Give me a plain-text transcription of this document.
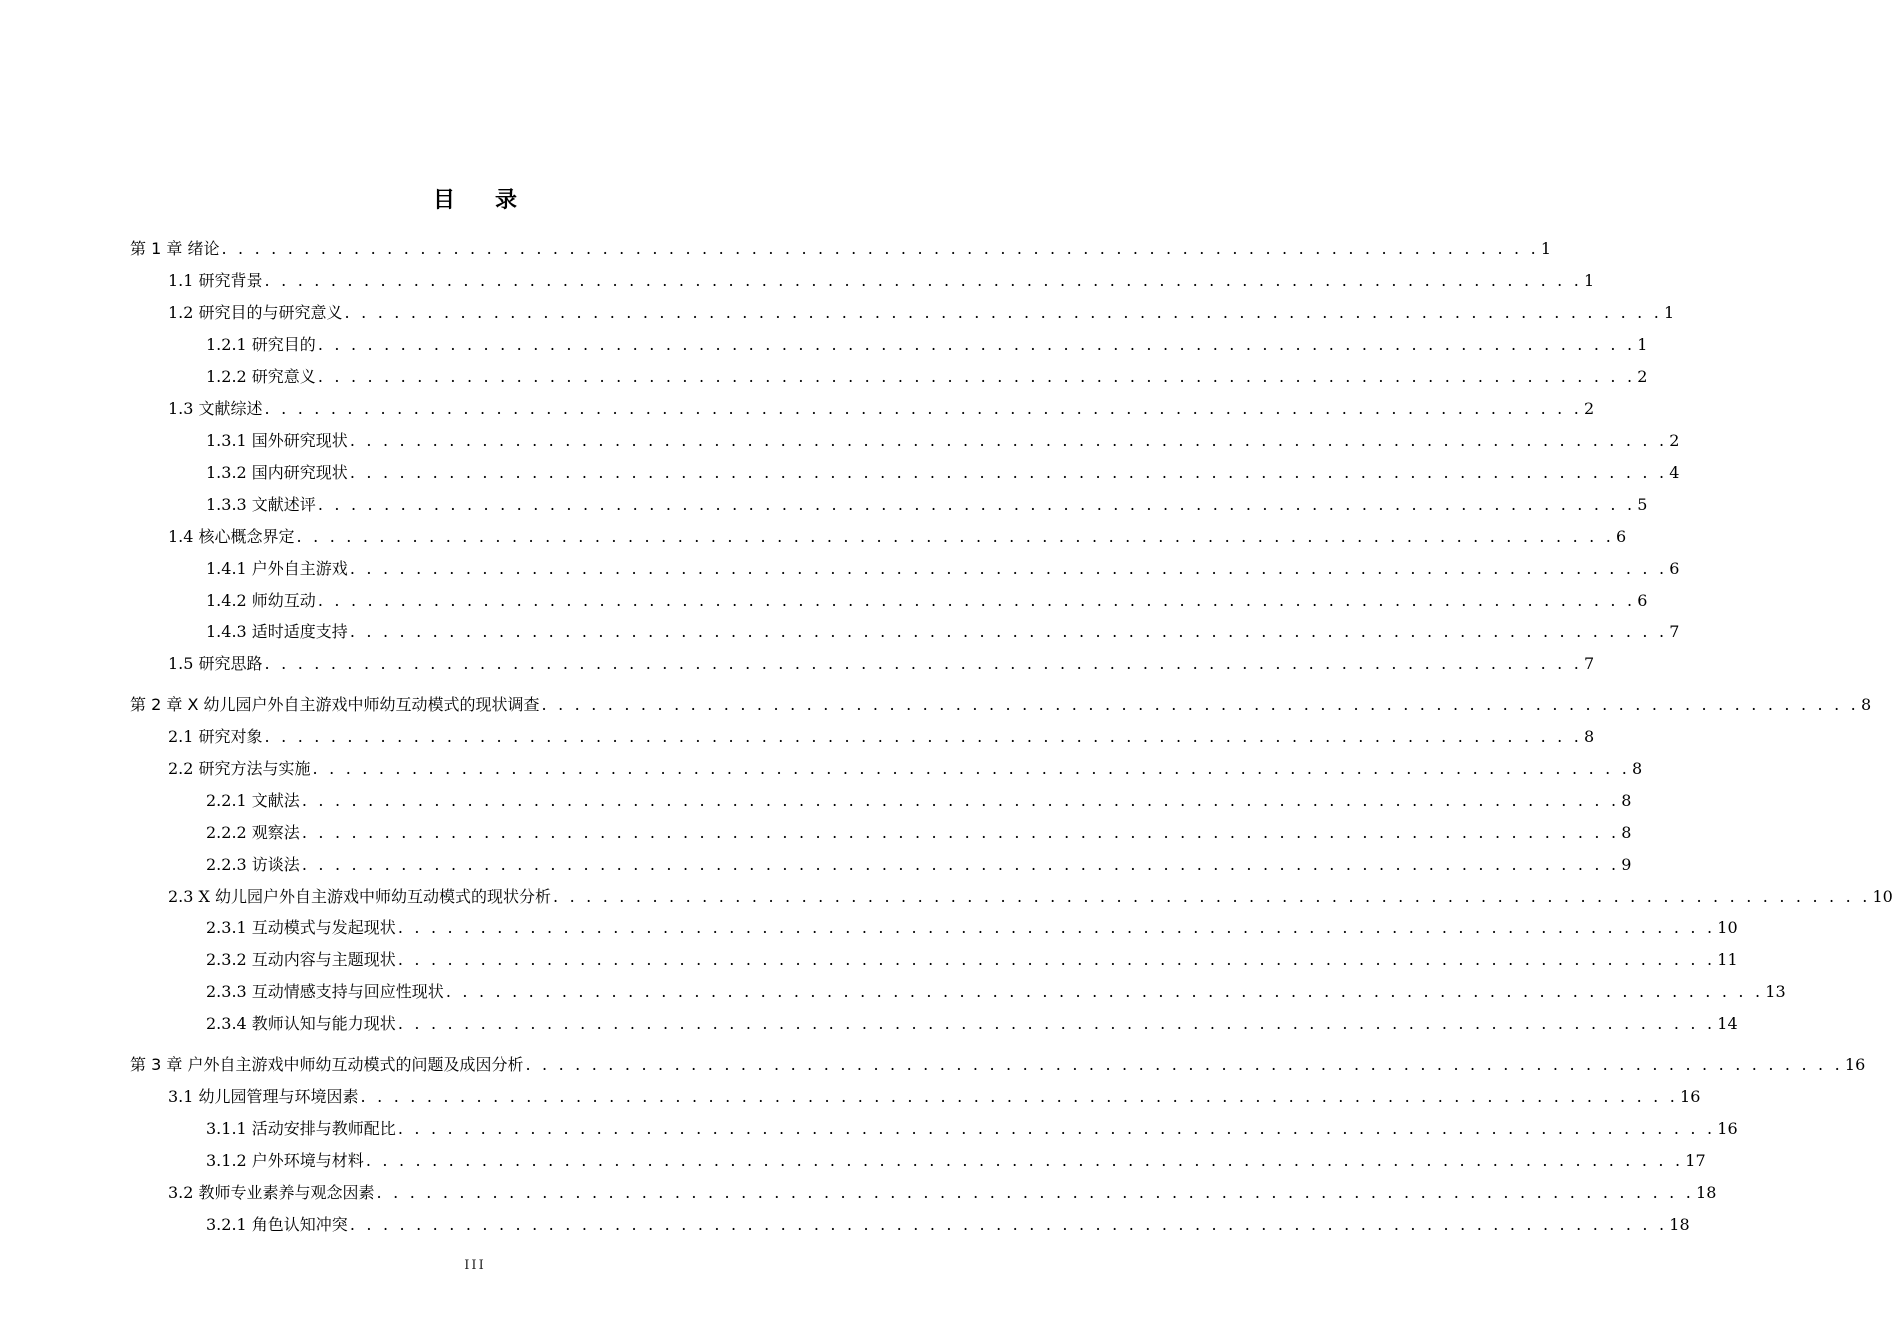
目录
第 1 章 绪论 . . . . . . . . . . . . . . . . . . . . . . . . . . . . . . . . . . . . . . . . . . . . . . . . . . . . . . . . . . . . . . . . . . . . . . . . . . . . . . . . 1
1.1 研究背景 . . . . . . . . . . . . . . . . . . . . . . . . . . . . . . . . . . . . . . . . . . . . . . . . . . . . . . . . . . . . . . . . . . . . . . . . . . . . . . . . 1
1.2 研究目的与研究意义 . . . . . . . . . . . . . . . . . . . . . . . . . . . . . . . . . . . . . . . . . . . . . . . . . . . . . . . . . . . . . . . . . . . . . . . . . . . . . . . . 1
1.2.1 研究目的 . . . . . . . . . . . . . . . . . . . . . . . . . . . . . . . . . . . . . . . . . . . . . . . . . . . . . . . . . . . . . . . . . . . . . . . . . . . . . . . . 1
1.2.2 研究意义 . . . . . . . . . . . . . . . . . . . . . . . . . . . . . . . . . . . . . . . . . . . . . . . . . . . . . . . . . . . . . . . . . . . . . . . . . . . . . . . . 2
1.3 文献综述 . . . . . . . . . . . . . . . . . . . . . . . . . . . . . . . . . . . . . . . . . . . . . . . . . . . . . . . . . . . . . . . . . . . . . . . . . . . . . . . . 2
1.3.1 国外研究现状 . . . . . . . . . . . . . . . . . . . . . . . . . . . . . . . . . . . . . . . . . . . . . . . . . . . . . . . . . . . . . . . . . . . . . . . . . . . . . . . . 2
1.3.2 国内研究现状 . . . . . . . . . . . . . . . . . . . . . . . . . . . . . . . . . . . . . . . . . . . . . . . . . . . . . . . . . . . . . . . . . . . . . . . . . . . . . . . . 4
1.3.3 文献述评 . . . . . . . . . . . . . . . . . . . . . . . . . . . . . . . . . . . . . . . . . . . . . . . . . . . . . . . . . . . . . . . . . . . . . . . . . . . . . . . . 5
1.4 核心概念界定 . . . . . . . . . . . . . . . . . . . . . . . . . . . . . . . . . . . . . . . . . . . . . . . . . . . . . . . . . . . . . . . . . . . . . . . . . . . . . . . . 6
1.4.1 户外自主游戏 . . . . . . . . . . . . . . . . . . . . . . . . . . . . . . . . . . . . . . . . . . . . . . . . . . . . . . . . . . . . . . . . . . . . . . . . . . . . . . . . 6
1.4.2 师幼互动 . . . . . . . . . . . . . . . . . . . . . . . . . . . . . . . . . . . . . . . . . . . . . . . . . . . . . . . . . . . . . . . . . . . . . . . . . . . . . . . . 6
1.4.3 适时适度支持 . . . . . . . . . . . . . . . . . . . . . . . . . . . . . . . . . . . . . . . . . . . . . . . . . . . . . . . . . . . . . . . . . . . . . . . . . . . . . . . . 7
1.5 研究思路 . . . . . . . . . . . . . . . . . . . . . . . . . . . . . . . . . . . . . . . . . . . . . . . . . . . . . . . . . . . . . . . . . . . . . . . . . . . . . . . . 7
第 2 章 X 幼儿园户外自主游戏中师幼互动模式的现状调查 . . . . . . . . . . . . . . . . . . . . . . . . . . . . . . . . . . . . . . . . . . . . . . . . . . . . . . . . . . . . . . . . . . . . . . . . . . . . . . . . 8
2.1 研究对象 . . . . . . . . . . . . . . . . . . . . . . . . . . . . . . . . . . . . . . . . . . . . . . . . . . . . . . . . . . . . . . . . . . . . . . . . . . . . . . . . 8
2.2 研究方法与实施 . . . . . . . . . . . . . . . . . . . . . . . . . . . . . . . . . . . . . . . . . . . . . . . . . . . . . . . . . . . . . . . . . . . . . . . . . . . . . . . . 8
2.2.1 文献法 . . . . . . . . . . . . . . . . . . . . . . . . . . . . . . . . . . . . . . . . . . . . . . . . . . . . . . . . . . . . . . . . . . . . . . . . . . . . . . . . 8
2.2.2 观察法 . . . . . . . . . . . . . . . . . . . . . . . . . . . . . . . . . . . . . . . . . . . . . . . . . . . . . . . . . . . . . . . . . . . . . . . . . . . . . . . . 8
2.2.3 访谈法 . . . . . . . . . . . . . . . . . . . . . . . . . . . . . . . . . . . . . . . . . . . . . . . . . . . . . . . . . . . . . . . . . . . . . . . . . . . . . . . . 9
2.3 X 幼儿园户外自主游戏中师幼互动模式的现状分析 . . . . . . . . . . . . . . . . . . . . . . . . . . . . . . . . . . . . . . . . . . . . . . . . . . . . . . . . . . . . . . . . . . . . . . . . . . . . . . . . 10
2.3.1 互动模式与发起现状 . . . . . . . . . . . . . . . . . . . . . . . . . . . . . . . . . . . . . . . . . . . . . . . . . . . . . . . . . . . . . . . . . . . . . . . . . . . . . . . . 10
2.3.2 互动内容与主题现状 . . . . . . . . . . . . . . . . . . . . . . . . . . . . . . . . . . . . . . . . . . . . . . . . . . . . . . . . . . . . . . . . . . . . . . . . . . . . . . . . 11
2.3.3 互动情感支持与回应性现状 . . . . . . . . . . . . . . . . . . . . . . . . . . . . . . . . . . . . . . . . . . . . . . . . . . . . . . . . . . . . . . . . . . . . . . . . . . . . . . . . 13
2.3.4 教师认知与能力现状 . . . . . . . . . . . . . . . . . . . . . . . . . . . . . . . . . . . . . . . . . . . . . . . . . . . . . . . . . . . . . . . . . . . . . . . . . . . . . . . . 14
第 3 章 户外自主游戏中师幼互动模式的问题及成因分析 . . . . . . . . . . . . . . . . . . . . . . . . . . . . . . . . . . . . . . . . . . . . . . . . . . . . . . . . . . . . . . . . . . . . . . . . . . . . . . . . 16
3.1 幼儿园管理与环境因素 . . . . . . . . . . . . . . . . . . . . . . . . . . . . . . . . . . . . . . . . . . . . . . . . . . . . . . . . . . . . . . . . . . . . . . . . . . . . . . . . 16
3.1.1 活动安排与教师配比 . . . . . . . . . . . . . . . . . . . . . . . . . . . . . . . . . . . . . . . . . . . . . . . . . . . . . . . . . . . . . . . . . . . . . . . . . . . . . . . . 16
3.1.2 户外环境与材料 . . . . . . . . . . . . . . . . . . . . . . . . . . . . . . . . . . . . . . . . . . . . . . . . . . . . . . . . . . . . . . . . . . . . . . . . . . . . . . . . 17
3.2 教师专业素养与观念因素 . . . . . . . . . . . . . . . . . . . . . . . . . . . . . . . . . . . . . . . . . . . . . . . . . . . . . . . . . . . . . . . . . . . . . . . . . . . . . . . . 18
3.2.1 角色认知冲突 . . . . . . . . . . . . . . . . . . . . . . . . . . . . . . . . . . . . . . . . . . . . . . . . . . . . . . . . . . . . . . . . . . . . . . . . . . . . . . . . 18
III
